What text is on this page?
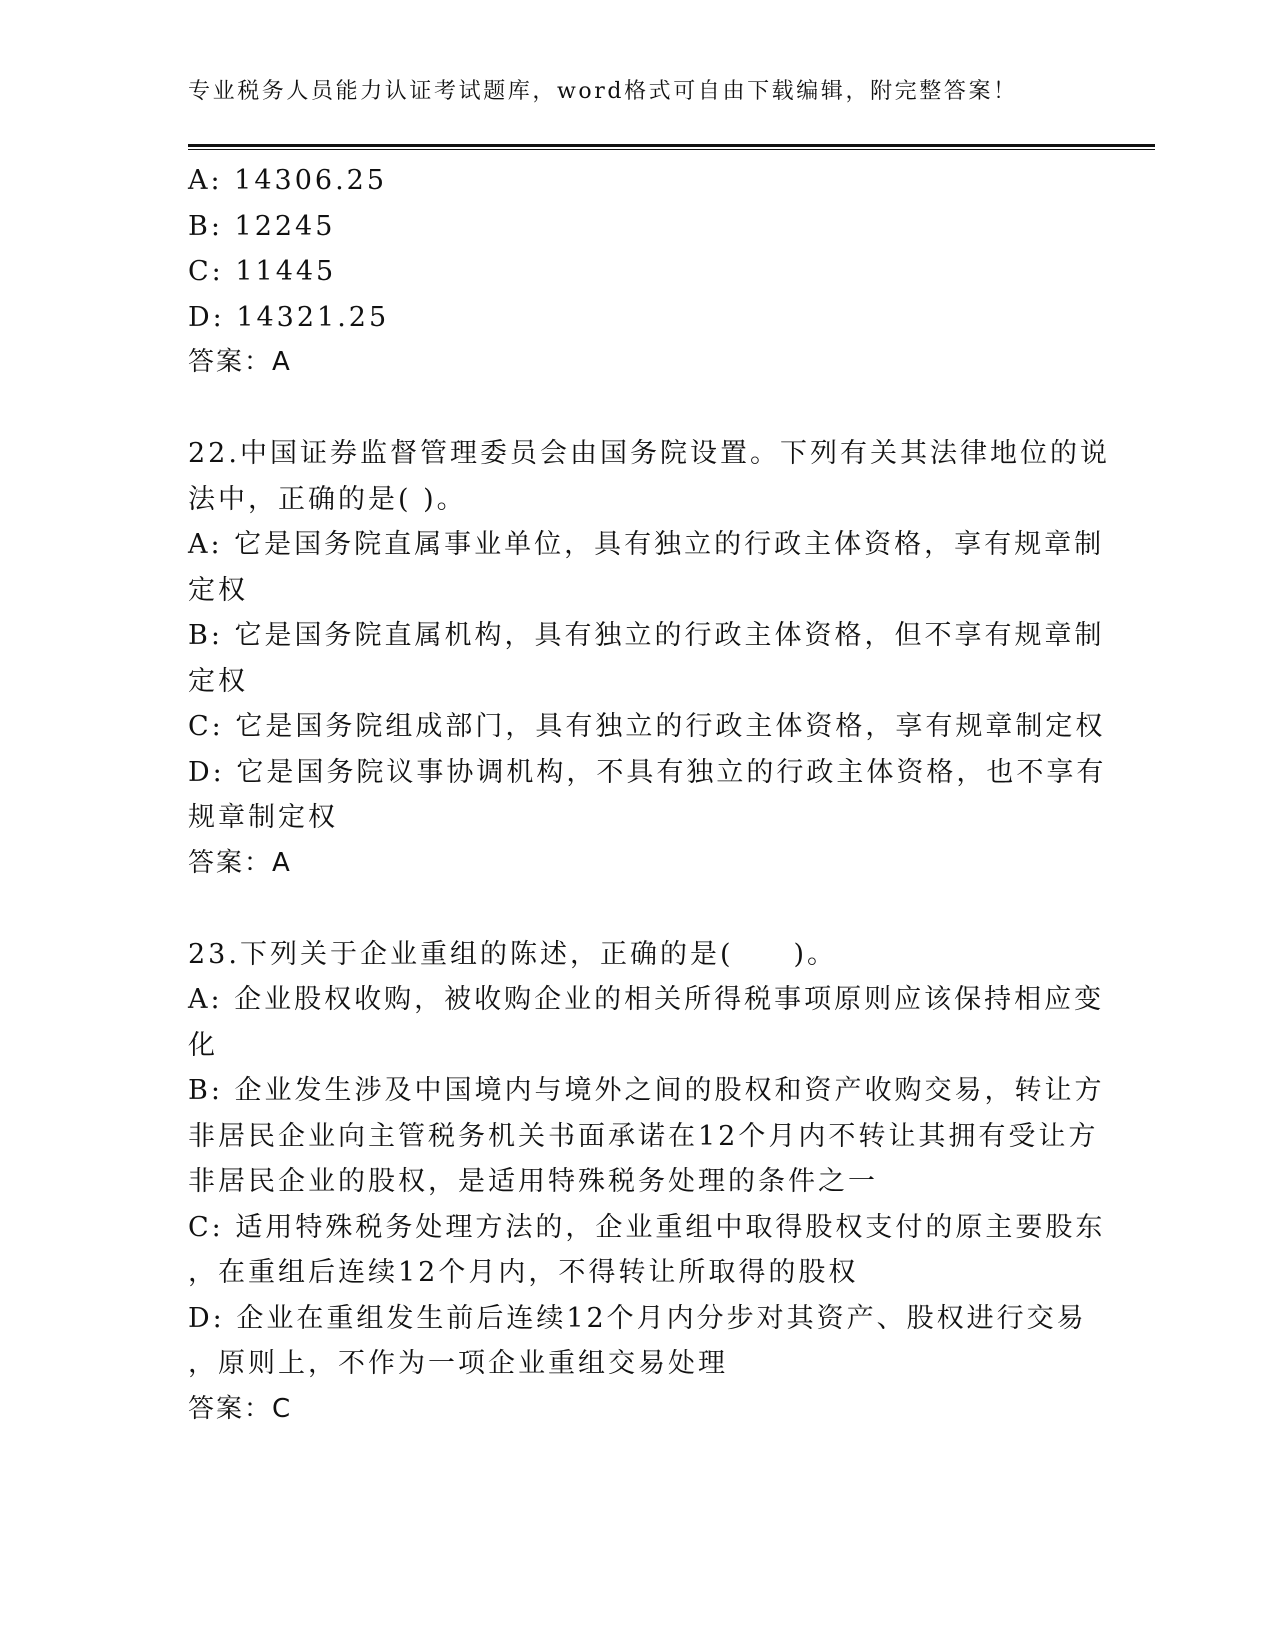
专业税务人员能力认证考试题库，word格式可自由下载编辑，附完整答案！
A: 14306.25
B: 12245
C: 11445
D: 14321.25
答案：A
22.中国证券监督管理委员会由国务院设置。下列有关其法律地位的说
法中，正确的是( )。
A: 它是国务院直属事业单位，具有独立的行政主体资格，享有规章制
定权
B: 它是国务院直属机构，具有独立的行政主体资格，但不享有规章制
定权
C: 它是国务院组成部门，具有独立的行政主体资格，享有规章制定权
D: 它是国务院议事协调机构，不具有独立的行政主体资格，也不享有
规章制定权
答案：A
23.下列关于企业重组的陈述，正确的是(　　)。
A: 企业股权收购，被收购企业的相关所得税事项原则应该保持相应变
化
B: 企业发生涉及中国境内与境外之间的股权和资产收购交易，转让方
非居民企业向主管税务机关书面承诺在12个月内不转让其拥有受让方
非居民企业的股权，是适用特殊税务处理的条件之一
C: 适用特殊税务处理方法的，企业重组中取得股权支付的原主要股东
，在重组后连续12个月内，不得转让所取得的股权
D: 企业在重组发生前后连续12个月内分步对其资产、股权进行交易
，原则上，不作为一项企业重组交易处理
答案：C
